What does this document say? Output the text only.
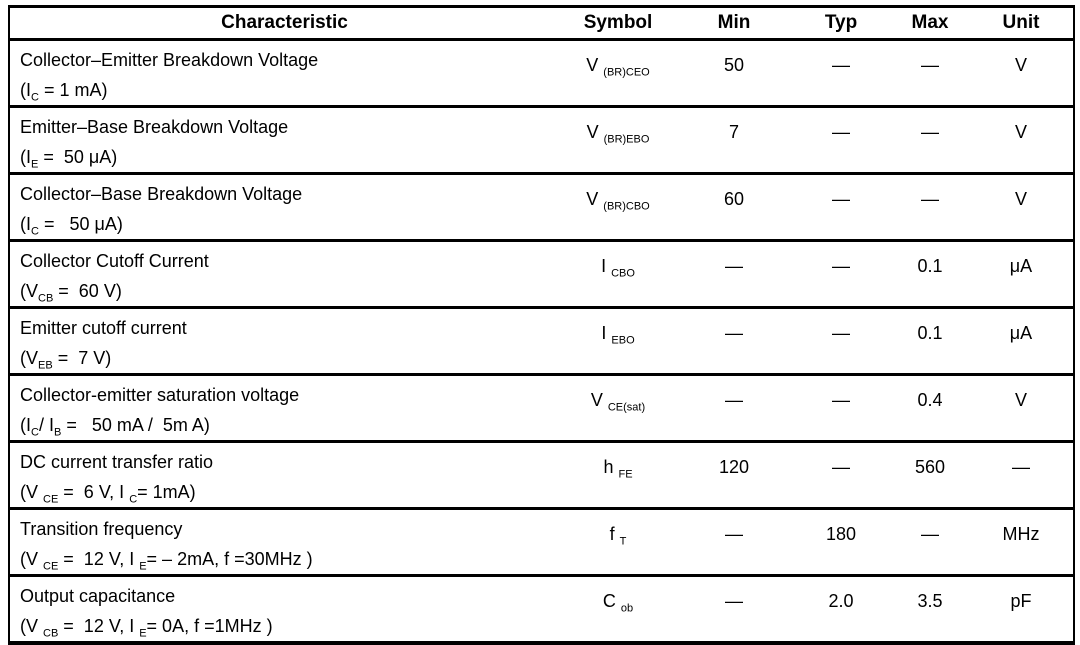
Characteristic	Symbol	Min	Typ	Max	Unit

Collector–Emitter Breakdown Voltage
($I_C = 1$ mA)	V $_{(BR)CEO}$	50	—	—	V

Emitter–Base Breakdown Voltage
($I_E = 50$ μA)	V $_{(BR)EBO}$	7	—	—	V

Collector–Base Breakdown Voltage
($I_C = 50$ μA)	V $_{(BR)CBO}$	60	—	—	V

Collector Cutoff Current
($V_{CB} = 60$ V)	I $_{CBO}$	—	—	0.1	μA

Emitter cutoff current
($V_{EB} = 7$ V)	I $_{EBO}$	—	—	0.1	μA

Collector-emitter saturation voltage
($I_C/$ $I_B = 50$ mA /  5m A)	V $_{CE(sat)}$	—	—	0.4	V

DC current transfer ratio
(V $_{CE}$ =  6 V, I $_C$= 1mA)	h $_{FE}$	120	—	560	—

Transition frequency
(V $_{CE}$ =  12 V, I $_E$= – 2mA, f =30MHz )	f $_T$	—	180	—	MHz

Output capacitance
(V $_{CB}$ =  12 V, I $_E$= 0A, f =1MHz )	C $_{ob}$	—	2.0	3.5	pF
